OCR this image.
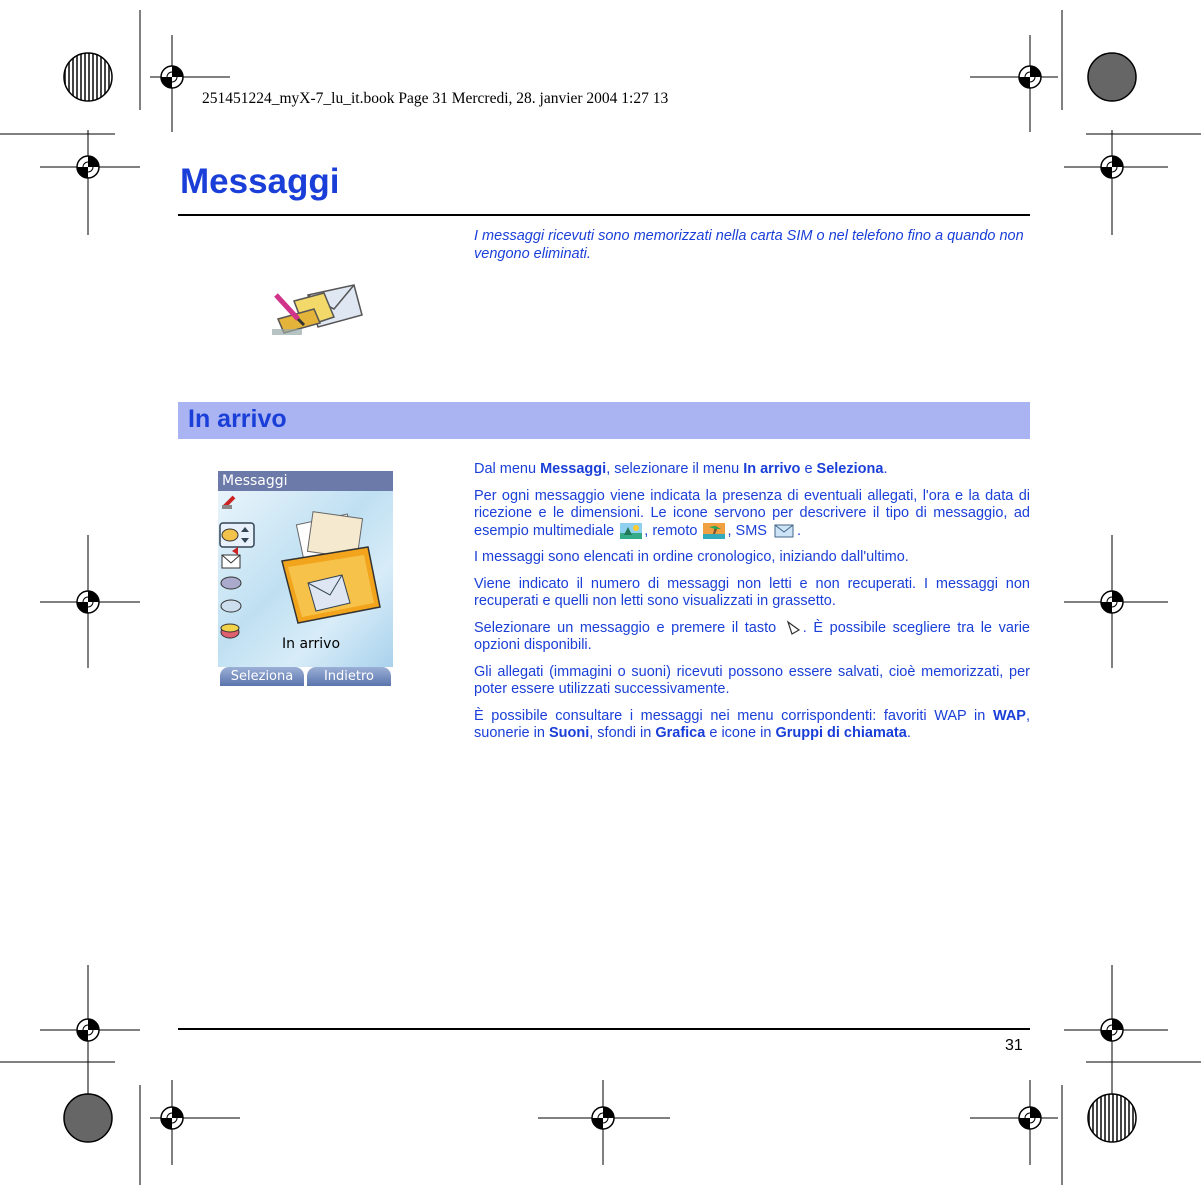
251451224_myX-7_lu_it.book Page 31 Mercredi, 28. janvier 2004 1:27 13
Messaggi
I messaggi ricevuti sono memorizzati nella carta SIM o nel telefono fino a quando non vengono eliminati.
In arrivo
Messaggi
In arrivo
Seleziona	Indietro

Dal menu Messaggi, selezionare il menu In arrivo e Seleziona.

Per ogni messaggio viene indicata la presenza di eventuali allegati, l'ora e la data di ricezione e le dimensioni. Le icone servono per descrivere il tipo di messaggio, ad esempio multimediale , remoto , SMS .

I messaggi sono elencati in ordine cronologico, iniziando dall'ultimo.

Viene indicato il numero di messaggi non letti e non recuperati. I messaggi non recuperati e quelli non letti sono visualizzati in grassetto.

Selezionare un messaggio e premere il tasto . È possibile scegliere tra le varie opzioni disponibili.

Gli allegati (immagini o suoni) ricevuti possono essere salvati, cioè memorizzati, per poter essere utilizzati successivamente.

È possibile consultare i messaggi nei menu corrispondenti: favoriti WAP in WAP, suonerie in Suoni, sfondi in Grafica e icone in Gruppi di chiamata.

31
